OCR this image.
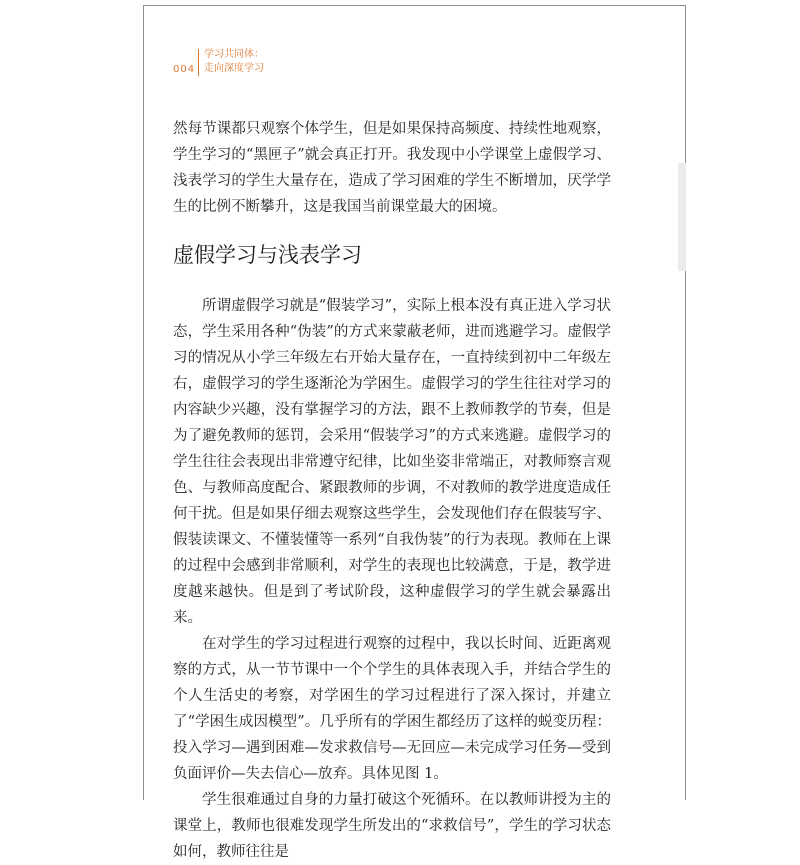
004
学习共同体：
走向深度学习

然每节课都只观察个体学生，但是如果保持高频度、持续性地观察，学生学习的“黑匣子”就会真正打开。我发现中小学课堂上虚假学习、浅表学习的学生大量存在，造成了学习困难的学生不断增加，厌学学生的比例不断攀升，这是我国当前课堂最大的困境。

虚假学习与浅表学习

所谓虚假学习就是“假装学习”，实际上根本没有真正进入学习状态，学生采用各种“伪装”的方式来蒙蔽老师，进而逃避学习。虚假学习的情况从小学三年级左右开始大量存在，一直持续到初中二年级左右，虚假学习的学生逐渐沦为学困生。虚假学习的学生往往对学习的内容缺少兴趣，没有掌握学习的方法，跟不上教师教学的节奏，但是为了避免教师的惩罚，会采用“假装学习”的方式来逃避。虚假学习的学生往往会表现出非常遵守纪律，比如坐姿非常端正，对教师察言观色、与教师高度配合、紧跟教师的步调，不对教师的教学进度造成任何干扰。但是如果仔细去观察这些学生，会发现他们存在假装写字、假装读课文、不懂装懂等一系列“自我伪装”的行为表现。教师在上课的过程中会感到非常顺利，对学生的表现也比较满意，于是，教学进度越来越快。但是到了考试阶段，这种虚假学习的学生就会暴露出来。

在对学生的学习过程进行观察的过程中，我以长时间、近距离观察的方式，从一节节课中一个个学生的具体表现入手，并结合学生的个人生活史的考察，对学困生的学习过程进行了深入探讨，并建立了“学困生成因模型”。几乎所有的学困生都经历了这样的蜕变历程：投入学习—遇到困难—发求救信号—无回应—未完成学习任务—受到负面评价—失去信心—放弃。具体见图 1。

学生很难通过自身的力量打破这个死循环。在以教师讲授为主的课堂上，教师也很难发现学生所发出的“求救信号”，学生的学习状态如何，教师往往是
